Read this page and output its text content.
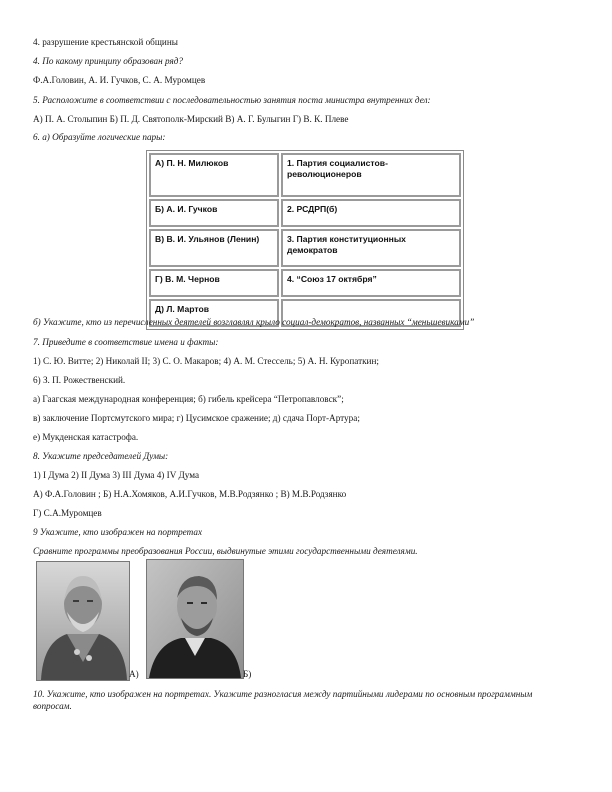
4. разрушение крестьянской общины
4. По какому принципу образован ряд?
Ф.А.Головин, А. И. Гучков, С. А. Муромцев
5. Расположите в соответствии с последовательностью занятия поста министра внутренних дел:
А) П. А. Столыпин Б) П. Д. Святополк-Мирский В) А. Г. Булыгин Г) В. К. Плеве
6. а) Образуйте логические пары:
А) П. Н. Милюков	1. Партия социалистов-революционеров
Б) А. И. Гучков	2. РСДРП(б)
В) В. И. Ульянов (Ленин)	3. Партия конституционных демократов
Г) В. М. Чернов	4. “Союз 17 октября”
Д) Л. Мартов	
б) Укажите, кто из перечисленных деятелей возглавлял крыло социал-демократов, названных “меньшевиками”
7. Приведите в соответствие имена и факты:
1) С. Ю. Витте; 2) Николай II; 3) С. О. Макаров; 4) А. М. Стессель; 5) А. Н. Куропаткин;
6) З. П. Рожественский.
а) Гаагская международная конференция; б) гибель крейсера “Петропавловск”;
в) заключение Портсмутского мира; г) Цусимское сражение; д) сдача Порт-Артура;
е) Мукденская катастрофа.
8. Укажите председателей Думы:
1) I Дума 2) II Дума 3) III Дума 4) IV Дума
А) Ф.А.Головин ; Б) Н.А.Хомяков, А.И.Гучков, М.В.Родзянко ; В) М.В.Родзянко
Г) С.А.Муромцев
9 Укажите, кто изображен на портретах
Сравните программы преобразования России, выдвинутые этими государственными деятелями.
А)	Б)
10. Укажите, кто изображен на портретах. Укажите разногласия между партийными лидерами по основным программным вопросам.
